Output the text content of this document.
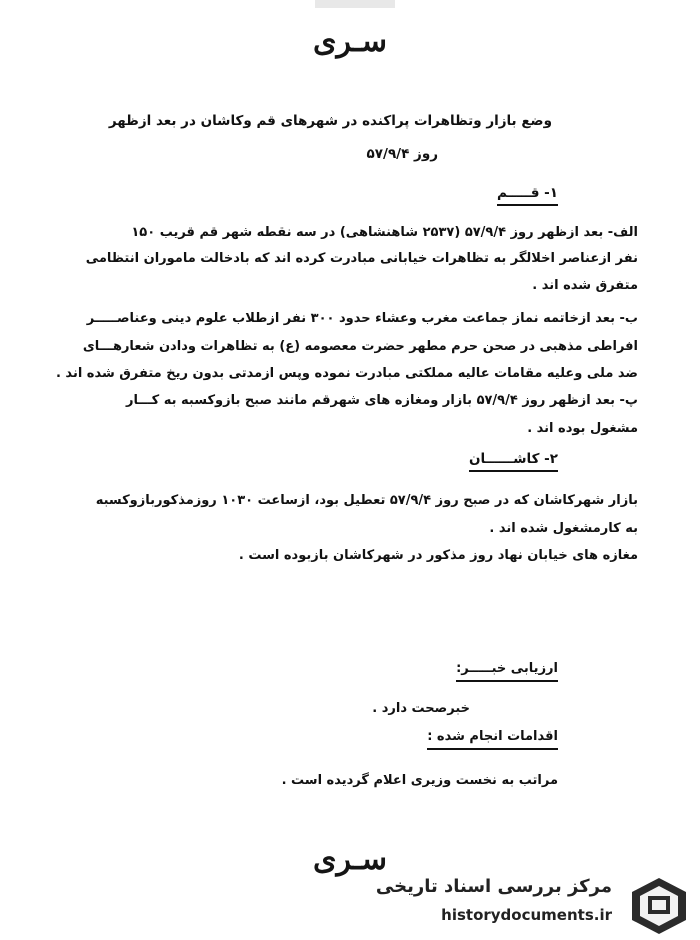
سـری
وضع بازار وتظاهرات پراکنده در شهرهای قم وکاشان در بعد ازظهر
روز ۵۷/۹/۴
۱- قـــــم
الف- بعد ازظهر روز ۵۷/۹/۴ (۲۵۳۷ شاهنشاهی) در سه نقطه شهر قم قریب ۱۵۰
نفر ازعناصر اخلالگر به تظاهرات خیابانی مبادرت کرده اند که بادخالت ماموران انتظامی
متفرق شده اند .
ب- بعد ازخاتمه نماز جماعت مغرب وعشاء حدود ۳۰۰ نفر ازطلاب علوم دینی وعناصـــــر
افراطی مذهبی در صحن حرم مطهر حضرت معصومه (ع) به تظاهرات ودادن شعارهـــای
ضد ملی وعلیه مقامات عالیه مملکتی مبادرت نموده وپس ازمدتی بدون ریخ متفرق شده اند .
پ- بعد ازظهر روز ۵۷/۹/۴ بازار ومغازه های شهرقم مانند صبح بازوکسبه به کـــار
مشغول بوده اند .
۲- کاشــــــان
بازار شهرکاشان که در صبح روز ۵۷/۹/۴ تعطیل بود، ازساعت ۱۰۳۰ روزمذکوربازوکسبه
به کارمشغول شده اند .
مغازه های خیابان نهاد روز مذکور در شهرکاشان بازبوده است .
ارزیابی خبـــــر:
خبرصحت دارد .
اقدامات انجام شده :
مراتب به نخست وزیری اعلام گردیده است .
سـری
مرکز بررسی اسناد تاریخی
historydocuments.ir
